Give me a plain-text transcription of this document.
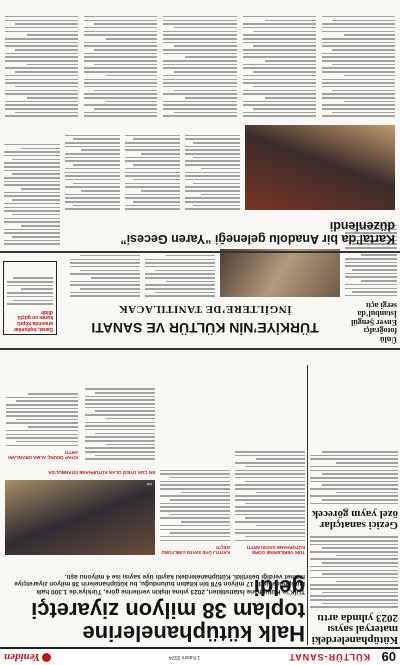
09
KÜLTÜR-SANAT
1 Kasım 2024
Yeniden
Kütüphanelerdeki materyal sayısı 2023 yılında arttı
Gezici sanatçılar özel yayın görecek
Halk kütüphanelerine toplam 38 milyon ziyaretçi geldi
TÜİK’in Kütüphane İstatistikleri, 2023 yılına ilişkin verilerine göre, Türkiye’de 1.300 halk kütüphanesinde 17 milyon 678 bin kitabın bulunduğu, bu kütüphanelerin 38 milyon ziyaretçiye hizmet verdiği belirtildi. Kütüphanelerdeki kayıtlı üye sayısı ise 4 milyonu aştı.
TÜİK VERİLERİNE GÖRE KÜTÜPHANE SAYISI ARTTI
KAYITLI ÜYE SAYISI 4 MİLYONU GEÇTİ
AA
EN ÇOK ÜYESİ OLAN KÜTÜPHANE İSTANBUL’DA
KİTAP ÖDÜNÇ ALMA ORANLARI ARTTI
Ünlü fotoğrafçı Enver Şengül İstanbul’da sergi açtı
TÜRKİYE’NİN KÜLTÜR VE SANATI
İNGİLTERE’DE TANITILACAK
Sanat, toplumlar arasında köprü kuran en güçlü dildir
Kartal’da bir Anadolu geleneği “Yaren Gecesi” düzenlendi
